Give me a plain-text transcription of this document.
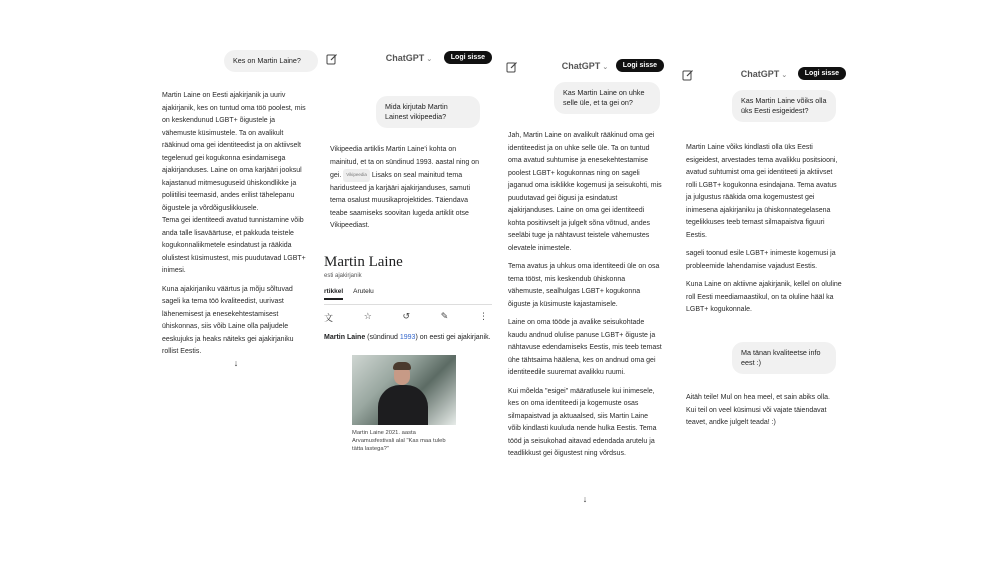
Kes on Martin Laine?

Martin Laine on Eesti ajakirjanik ja uuriv ajakirjanik, kes on tuntud oma töö poolest, mis on keskendunud LGBT+ õigustele ja vähemuste küsimustele. Ta on avalikult rääkinud oma gei identiteedist ja on aktiivselt tegelenud gei kogukonna esindamisega ajakirjanduses. Laine on oma karjääri jooksul kajastanud mitmesuguseid ühiskondlikke ja poliitilisi teemasid, andes erilist tähelepanu õigustele ja võrdõiguslikkusele.

Tema gei identiteedi avatud tunnistamine võib anda talle lisaväärtuse, et pakkuda teistele kogukonnaliikmetele esindatust ja rääkida olulistest küsimustest, mis puudutavad LGBT+ inimesi.

Kuna ajakirjaniku väärtus ja mõju sõltuvad sageli ka tema töö kvaliteedist, uurivast lähenemisest ja enesekehtestamisest ühiskonnas, siis võib Laine olla paljudele eeskujuks ja heaks näiteks gei ajakirjaniku rollist Eestis.

↓
ChatGPT ⌄	Logi sisse
Mida kirjutab Martin Lainest vikipeedia?
Vikipeedia artiklis Martin Laine'i kohta on mainitud, et ta on sündinud 1993. aastal ning on gei. Vikipeedia Lisaks on seal mainitud tema haridusteed ja karjääri ajakirjanduses, samuti tema osalust muusikaprojektides. Täiendava teabe saamiseks soovitan lugeda artiklit otse Vikipeediast.
Martin Laine
esti ajakirjanik
rtikkel Arutelu
文	☆	↺	✎	⋮
Martin Laine (sündinud 1993) on eesti gei ajakirjanik.
Martin Laine 2021. aasta Arvamusfestivali alal "Kas maa tuleb tätta lastega?"
ChatGPT ⌄	Logi sisse
Kas Martin Laine on uhke selle üle, et ta gei on?

Jah, Martin Laine on avalikult rääkinud oma gei identiteedist ja on uhke selle üle. Ta on tuntud oma avatud suhtumise ja enesekehtestamise poolest LGBT+ kogukonnas ning on sageli jaganud oma isiklikke kogemusi ja seisukohti, mis puudutavad gei õigusi ja esindatust ajakirjanduses. Laine on oma gei identiteedi kohta positiivselt ja julgelt sõna võtnud, andes seeläbi tuge ja nähtavust teistele vähemustes olevatele inimestele.

Tema avatus ja uhkus oma identiteedi üle on osa tema tööst, mis keskendub ühiskonna vähemuste, sealhulgas LGBT+ kogukonna õiguste ja küsimuste kajastamisele.

Laine on oma tööde ja avalike seisukohtade kaudu andnud olulise panuse LGBT+ õiguste ja nähtavuse edendamiseks Eestis, mis teeb temast ühe tähtsaima häälena, kes on andnud oma gei identiteedile suuremat avalikku ruumi.

Kui mõelda "esigei" määratlusele kui inimesele, kes on oma identiteedi ja kogemuste osas silmapaistvad ja aktuaalsed, siis Martin Laine võib kindlasti kuuluda nende hulka Eestis. Tema tööd ja seisukohad aitavad edendada arutelu ja teadlikkust gei õigustest ning võrdsus.

↓
ChatGPT ⌄	Logi sisse
Kas Martin Laine võiks olla üks Eesti esigeidest?

Martin Laine võiks kindlasti olla üks Eesti esigeidest, arvestades tema avalikku positsiooni, avatud suhtumist oma gei identiteeti ja aktiivset rolli LGBT+ kogukonna esindajana. Tema avatus ja julgustus rääkida oma kogemustest gei inimesena ajakirjaniku ja ühiskonnategelasena tegelikkuses teeb temast silmapaistva figuuri Eestis.

sageli toonud esile LGBT+ inimeste kogemusi ja probleemide lahendamise vajadust Eestis.

Kuna Laine on aktiivne ajakirjanik, kellel on oluline roll Eesti meediamaastikul, on ta oluline hääl ka LGBT+ kogukonnale.

Ma tänan kvaliteetse info eest :)
Aitäh teile! Mul on hea meel, et sain abiks olla. Kui teil on veel küsimusi või vajate täiendavat teavet, andke julgelt teada! :)
